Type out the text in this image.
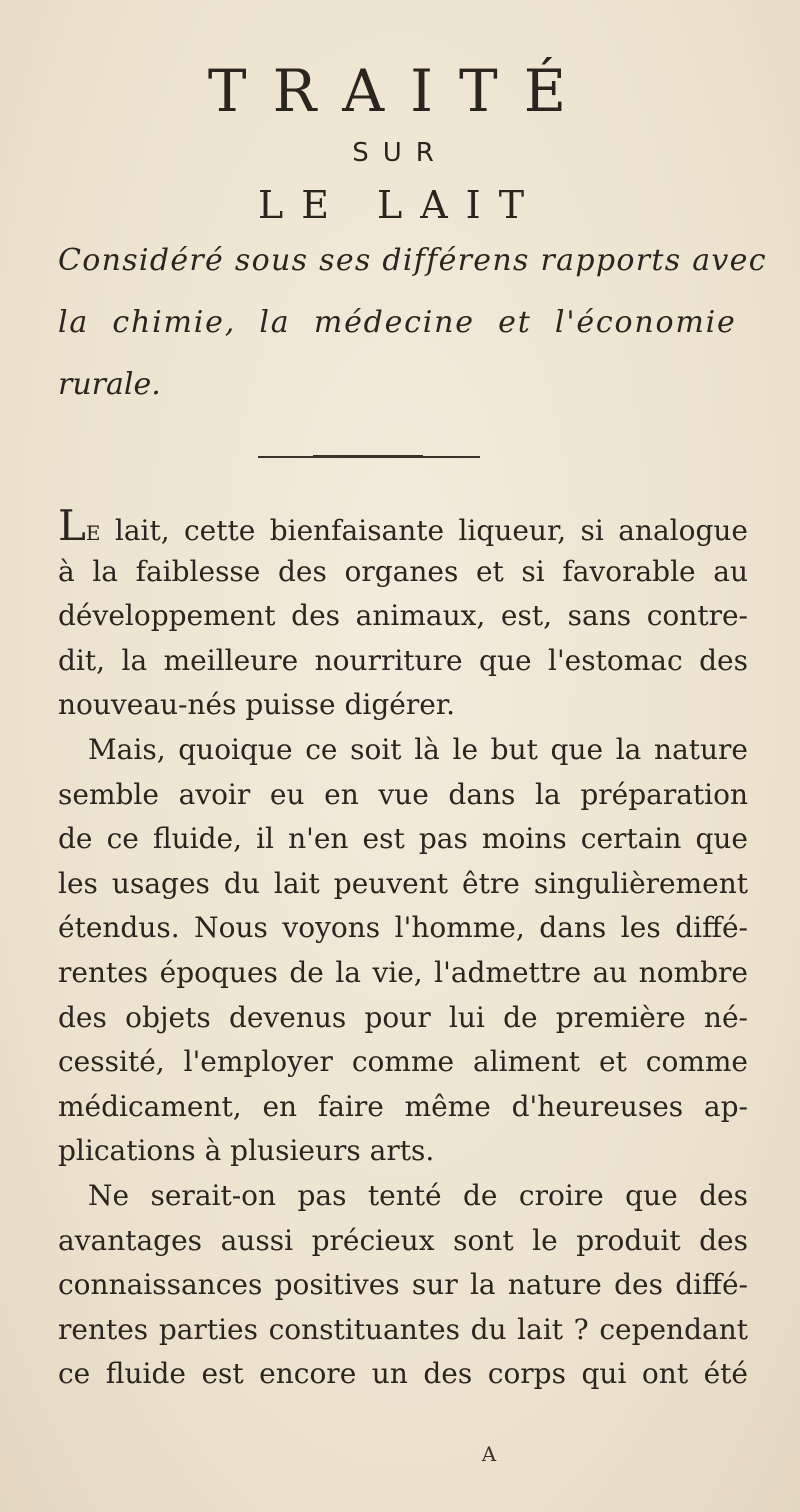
TRAITÉ
SUR
LE LAIT
Considéré sous ses différens rapports avec
la chimie, la médecine et l'économie
rurale.
LE lait, cette bienfaisante liqueur, si analogue
à la faiblesse des organes et si favorable au
développement des animaux, est, sans contre-
dit, la meilleure nourriture que l'estomac des
nouveau-nés puisse digérer.
Mais, quoique ce soit là le but que la nature
semble avoir eu en vue dans la préparation
de ce fluide, il n'en est pas moins certain que
les usages du lait peuvent être singulièrement
étendus. Nous voyons l'homme, dans les diffé-
rentes époques de la vie, l'admettre au nombre
des objets devenus pour lui de première né-
cessité, l'employer comme aliment et comme
médicament, en faire même d'heureuses ap-
plications à plusieurs arts.
Ne serait-on pas tenté de croire que des
avantages aussi précieux sont le produit des
connaissances positives sur la nature des diffé-
rentes parties constituantes du lait ? cependant
ce fluide est encore un des corps qui ont été
A
